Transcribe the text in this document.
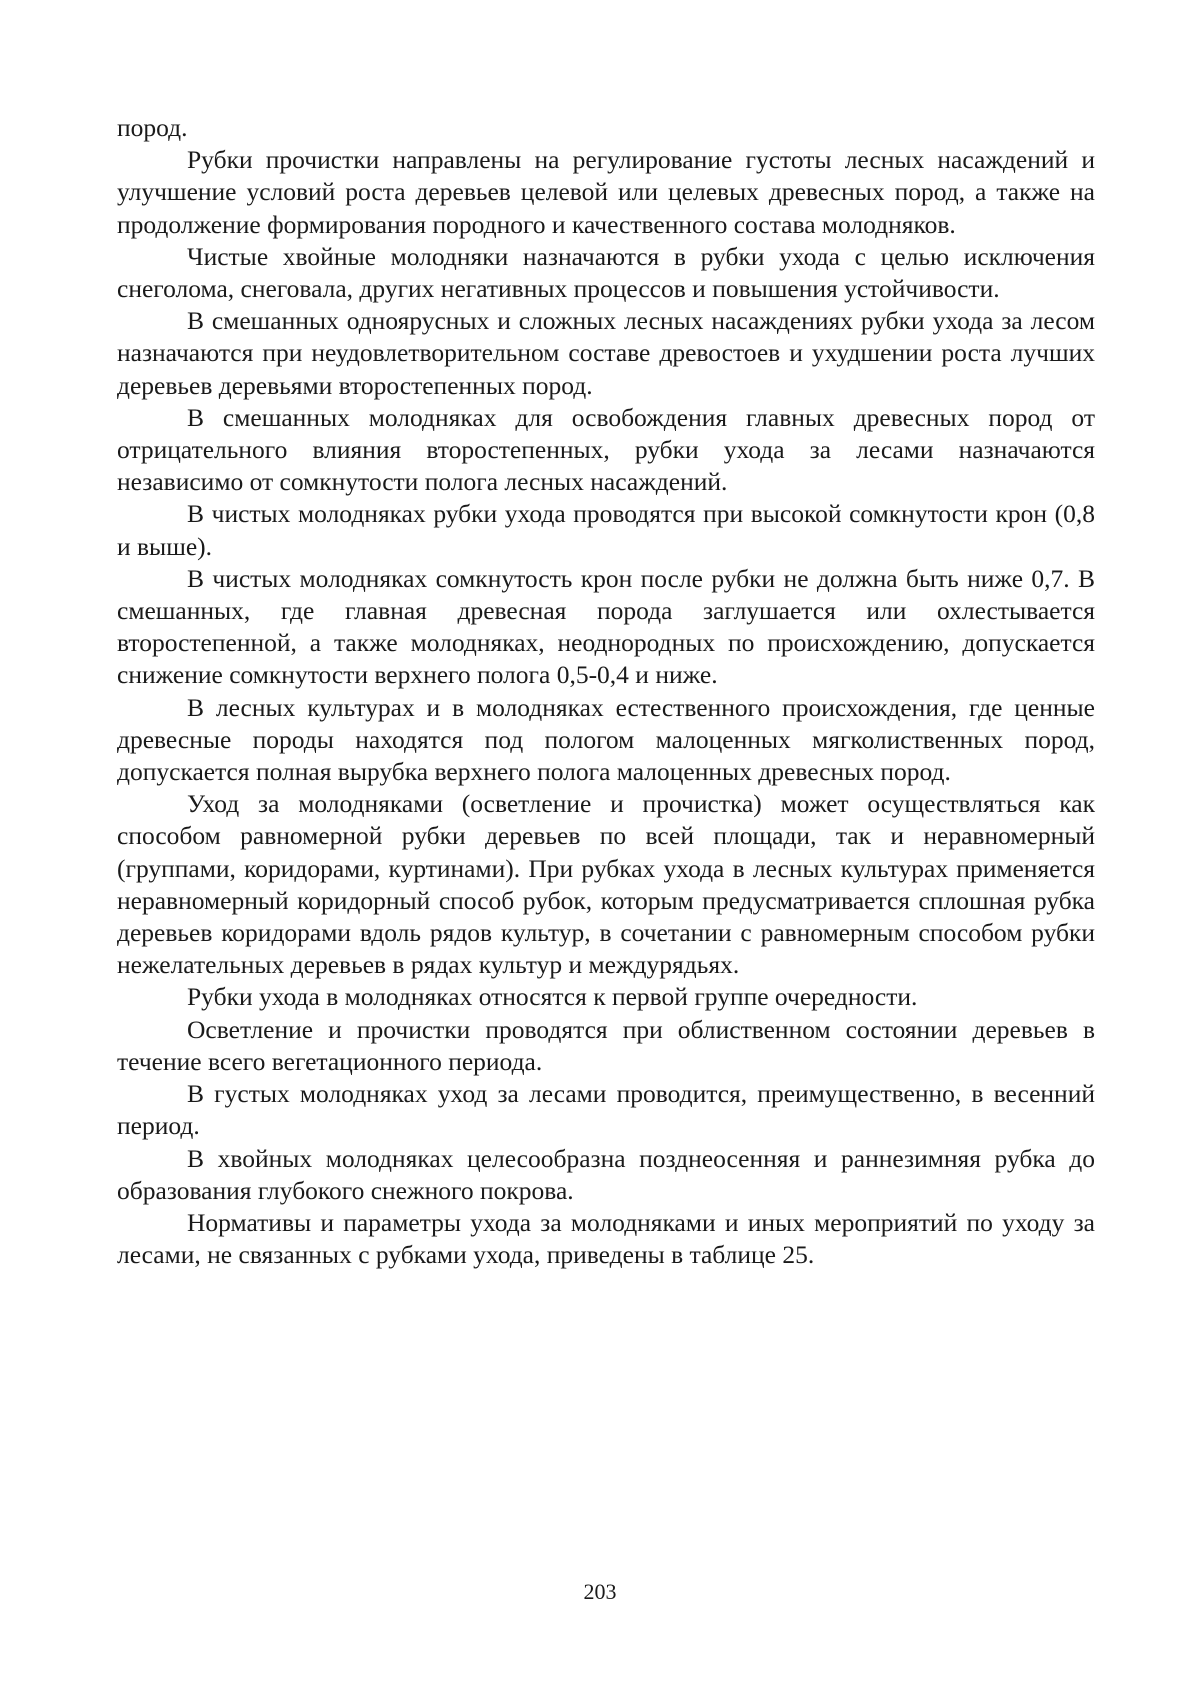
пород.

Рубки прочистки направлены на регулирование густоты лесных насаждений и улучшение условий роста деревьев целевой или целевых древесных пород, а также на продолжение формирования породного и качественного состава молодняков.

Чистые хвойные молодняки назначаются в рубки ухода с целью исключения снеголома, снеговала, других негативных процессов и повышения устойчивости.

В смешанных одноярусных и сложных лесных насаждениях рубки ухода за лесом назначаются при неудовлетворительном составе древостоев и ухудшении роста лучших деревьев деревьями второстепенных пород.

В смешанных молодняках для освобождения главных древесных пород от отрицательного влияния второстепенных, рубки ухода за лесами назначаются независимо от сомкнутости полога лесных насаждений.

В чистых молодняках рубки ухода проводятся при высокой сомкнутости крон (0,8 и выше).

В чистых молодняках сомкнутость крон после рубки не должна быть ниже 0,7. В смешанных, где главная древесная порода заглушается или охлестывается второстепенной, а также молодняках, неоднородных по происхождению, допускается снижение сомкнутости верхнего полога 0,5-0,4 и ниже.

В лесных культурах и в молодняках естественного происхождения, где ценные древесные породы находятся под пологом малоценных мягколиственных пород, допускается полная вырубка верхнего полога малоценных древесных пород.

Уход за молодняками (осветление и прочистка) может осуществляться как способом равномерной рубки деревьев по всей площади, так и неравномерный (группами, коридорами, куртинами). При рубках ухода в лесных культурах применяется неравномерный коридорный способ рубок, которым предусматривается сплошная рубка деревьев коридорами вдоль рядов культур, в сочетании с равномерным способом рубки нежелательных деревьев в рядах культур и междурядьях.

Рубки ухода в молодняках относятся к первой группе очередности.

Осветление и прочистки проводятся при облиственном состоянии деревьев в течение всего вегетационного периода.

В густых молодняках уход за лесами проводится, преимущественно, в весенний период.

В хвойных молодняках целесообразна позднеосенняя и раннезимняя рубка до образования глубокого снежного покрова.

Нормативы и параметры ухода за молодняками и иных мероприятий по уходу за лесами, не связанных с рубками ухода, приведены в таблице 25.

203
